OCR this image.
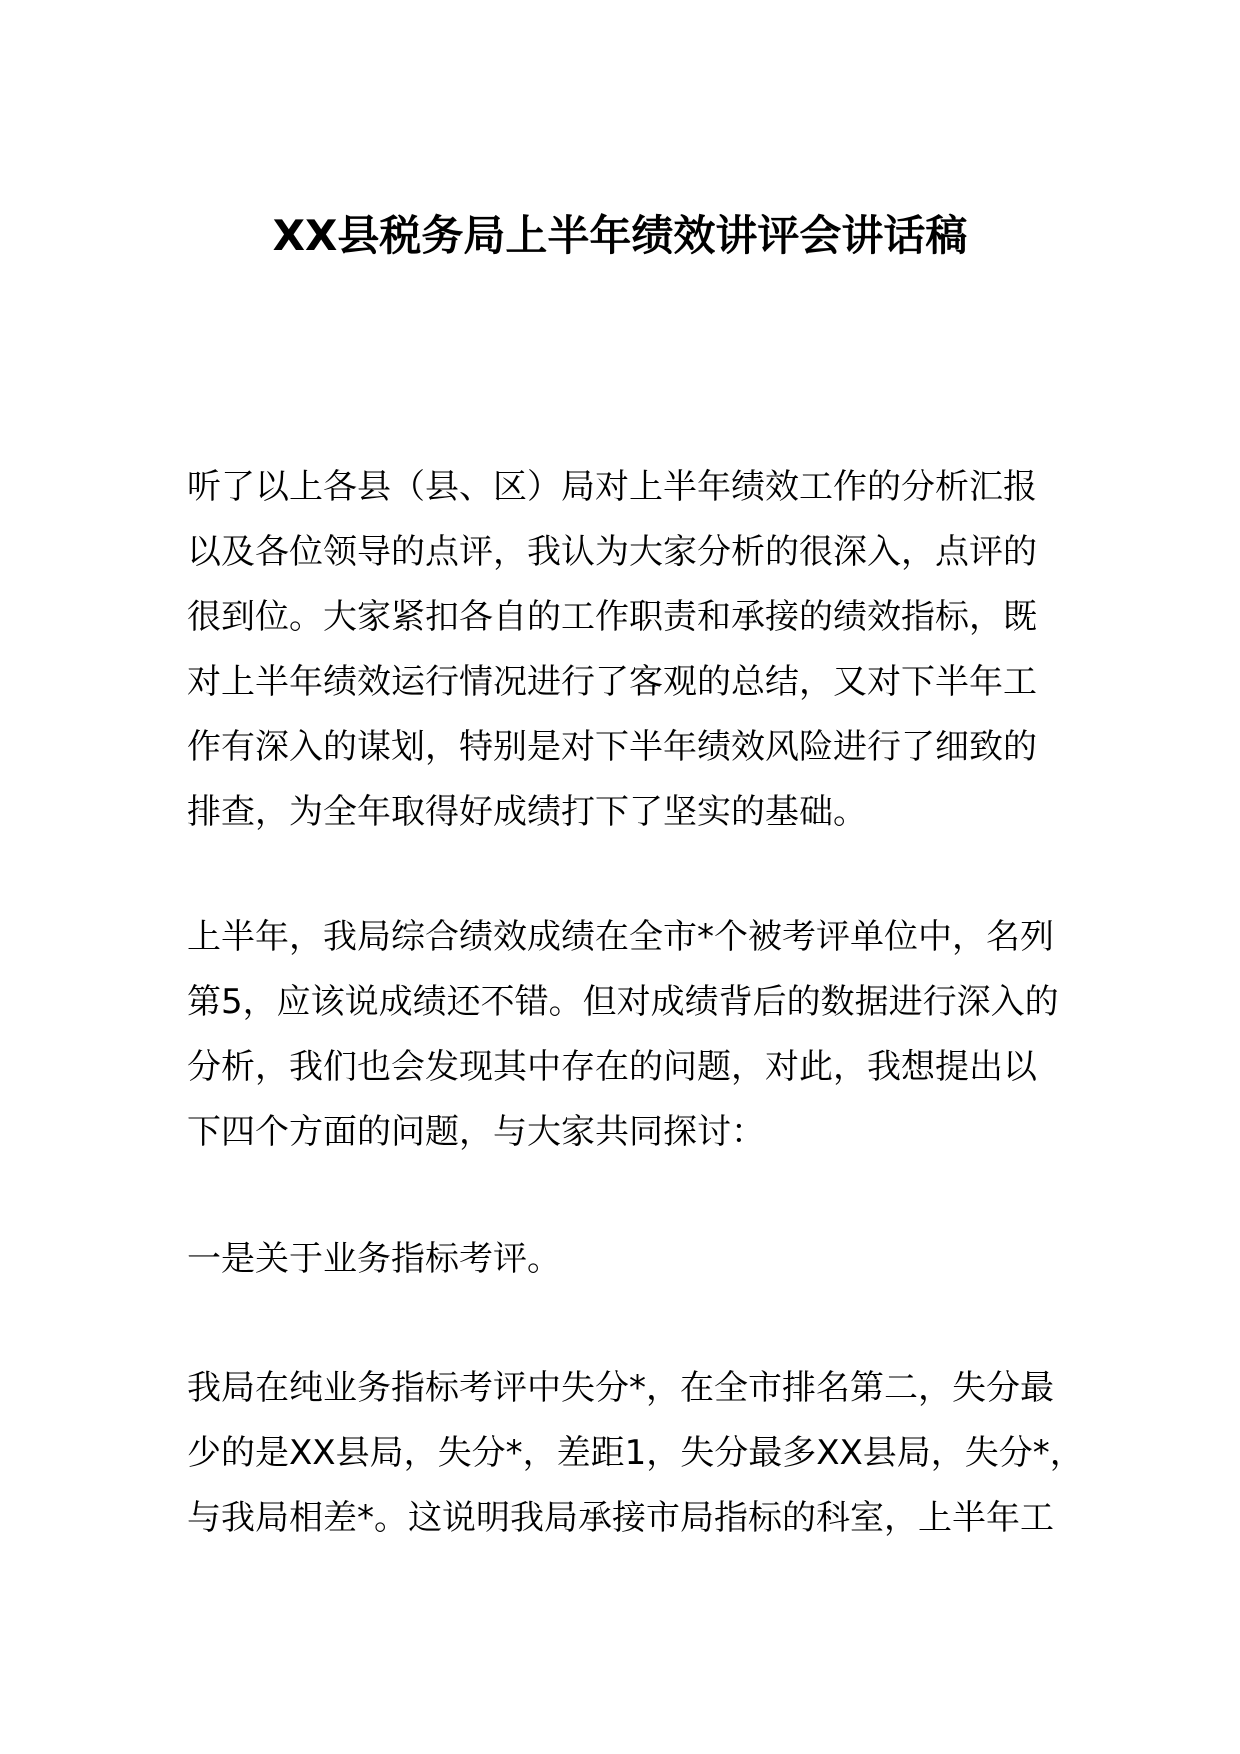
XX县税务局上半年绩效讲评会讲话稿

听了以上各县（县、区）局对上半年绩效工作的分析汇报
以及各位领导的点评，我认为大家分析的很深入，点评的
很到位。大家紧扣各自的工作职责和承接的绩效指标，既
对上半年绩效运行情况进行了客观的总结，又对下半年工
作有深入的谋划，特别是对下半年绩效风险进行了细致的
排查，为全年取得好成绩打下了坚实的基础。

上半年，我局综合绩效成绩在全市*个被考评单位中，名列
第5，应该说成绩还不错。但对成绩背后的数据进行深入的
分析，我们也会发现其中存在的问题，对此，我想提出以
下四个方面的问题，与大家共同探讨：

一是关于业务指标考评。

我局在纯业务指标考评中失分*，在全市排名第二，失分最
少的是XX县局，失分*，差距1，失分最多XX县局，失分*，
与我局相差*。这说明我局承接市局指标的科室，上半年工
